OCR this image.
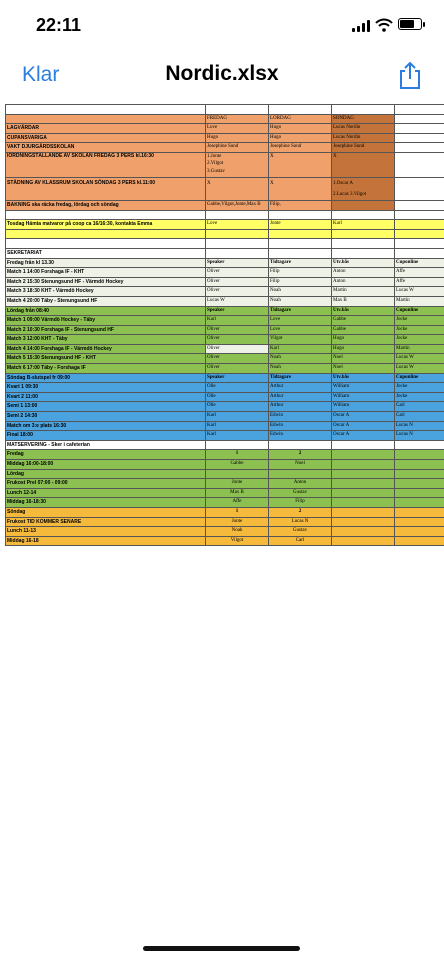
22:11
Klar	Nordic.xlsx

	FREDAG	LÖRDAG	SÖNDAG	
LAGVÄRDAR	Love	Hugo	Lucas Nordin	
CUPANSVARIGA	Hugo	Hugo	Lucas Nordin	
VAKT DJURGÅRDSSKOLAN	Josephine Sund	Josephine Sund	Josephine Sund	
IORDNINGSTÄLLANDE AV SKOLAN FREDAG 3 PERS kl.16:30	1.Jonte
2.Vilgot
3.Gustav	X	X	
STÄDNING AV KLASSRUM SKOLAN SÖNDAG 3 PERS kl.11:00	X	X	1.Oscar A
2.Lucas 3.Vilgot	
BAKNING ska räcka fredag, lördag och söndag	Gabbe,Vilgot,Jonte,Max B	Filip,		

Tosdag Hämta matvaror på coop ca 16/16:30, kontakta Emma	Love	Jonte	Karl	

SEKRETARIAT				
Fredag från kl 13.30	Speaker	Tidtagare	Utv.bås	Cuponline
Match 1 14:00 Forshaga IF - KHT	Oliver	Filip	Anton	Affe
Match 2 15:30 Stenungsund HF - Värmdö Hockey	Oliver	Filip	Anton	Affe
Match 3 18:30 KHT - Värmdö Hockey	Oliver	Noah	Martin	Lucas W
Match 4 20:00 Täby - Stenungsund HF	Lucas W	Noah	Max B	Martin
Lördag från 08:40	Speaker	Tidtagare	Utv.bås	Cuponline
Match 1 09:00 Värmdö Hockey - Täby	Karl	Love	Gabbe	Jocke
Match 2 10:30 Forshaga IF - Stenungsund HF	Oliver	Love	Gabbe	Jocke
Match 3 12:00 KHT - Täby	Oliver	Vilgot	Hugo	Jocke
Match 4 14:00 Forshaga IF - Värmdö Hockey	Oliver	Karl	Hugo	Martin
Match 5 15:30 Stenungsund HF - KHT	Oliver	Noah	Noel	Lucas W
Match 6 17:00 Täby - Forshaga IF	Oliver	Noah	Noel	Lucas W
Söndag B-slutspel fr 09:00	Speaker	Tidtagare	Utv.bås	Cuponline
Kvart 1 09:30	Olle	Arthur	William	Jocke
Kvart 2 11:00	Olle	Arthur	William	Jocke
Semi 1 13:00	Olle	Arthur	William	Carl
Semi 2 14:30	Karl	Edwin	Oscar A	Carl
Match om 3:e plats 16:30	Karl	Edwin	Oscar A	Lucas N
Final 18:00	Karl	Edwin	Oscar A	Lucas N
MATSERVERING - Sker i cafeterian				
Fredag	1	2		
Middag 16:00-18:00	Gabbe	Noel		
Lördag				
Frukost Prel 07:00 - 09:00	Jonte	Anton		
Lunch 12-14	Max B	Gustav		
Middag 16-18:30	Affe	Filip		
Söndag	1	2		
Frukost TID KOMMER SENARE	Jonte	Lucas N		
Lunch 11-13	Noah	Gustav		
Middag 16-18	Vilgot	Carl		
